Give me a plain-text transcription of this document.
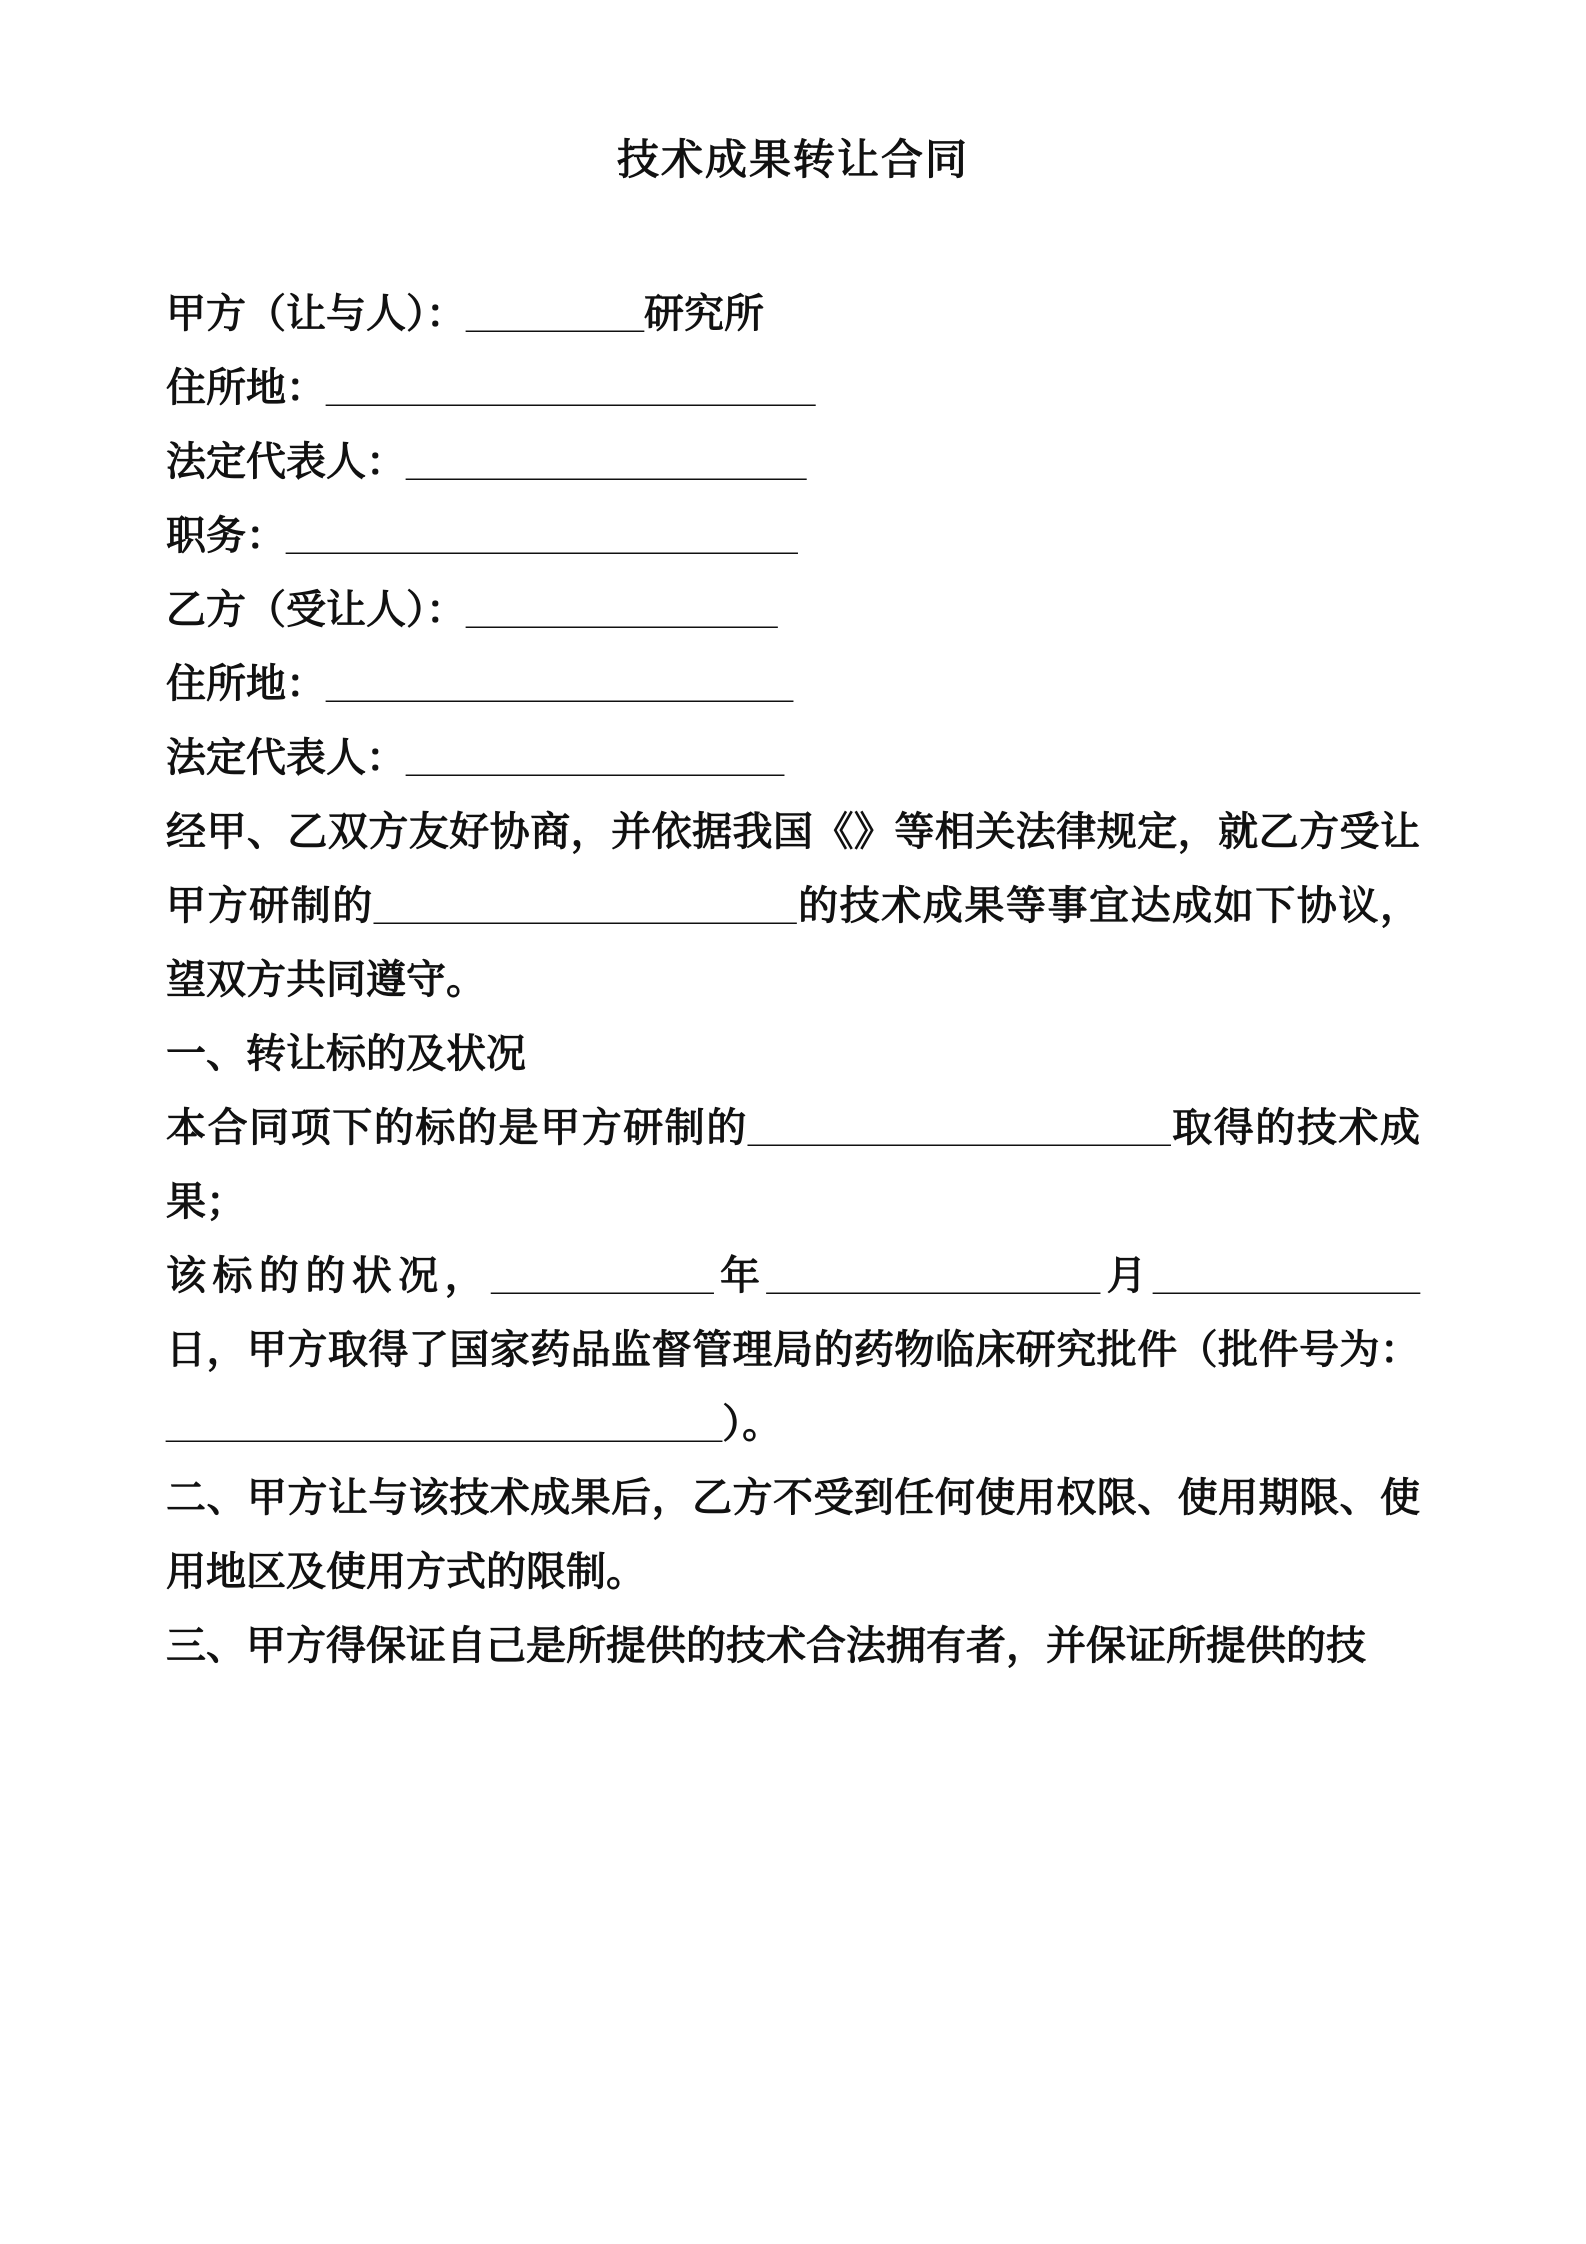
技术成果转让合同

甲方（让与人）：________研究所

住所地：______________________

法定代表人：__________________

职务：_______________________

乙方（受让人）：______________

住所地：_____________________

法定代表人：_________________

经甲、乙双方友好协商，并依据我国《》等相关法律规定，就乙方受让甲方研制的___________________的技术成果等事宜达成如下协议，望双方共同遵守。

一、转让标的及状况

本合同项下的标的是甲方研制的___________________取得的技术成果；

该标的的状况，__________年_______________月____________日，甲方取得了国家药品监督管理局的药物临床研究批件（批件号为：_________________________）。

二、甲方让与该技术成果后，乙方不受到任何使用权限、使用期限、使用地区及使用方式的限制。

三、甲方得保证自己是所提供的技术合法拥有者，并保证所提供的技
